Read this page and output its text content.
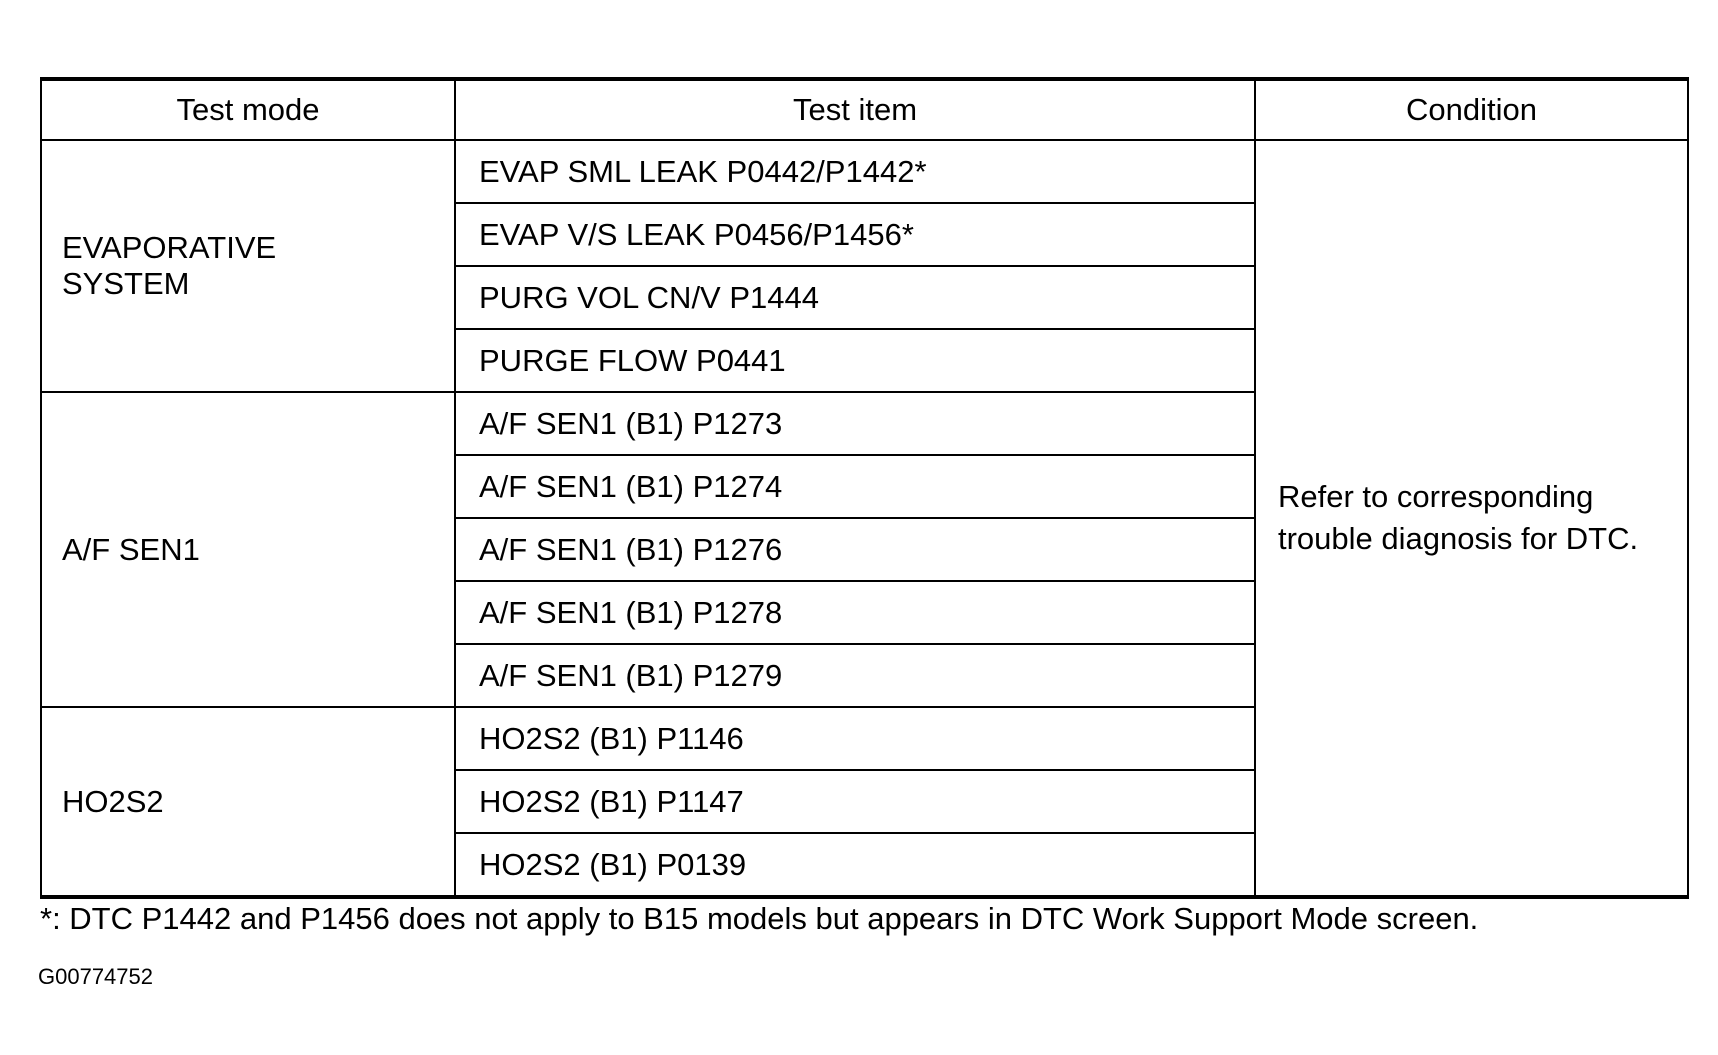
Test mode	Test item	Condition

EVAPORATIVE
SYSTEM	EVAP SML LEAK P0442/P1442*	Refer to corresponding trouble diagnosis for DTC.
	EVAP V/S LEAK P0456/P1456*	
	PURG VOL CN/V P1444	
	PURGE FLOW P0441	

A/F SEN1	A/F SEN1 (B1) P1273	
	A/F SEN1 (B1) P1274	
	A/F SEN1 (B1) P1276	
	A/F SEN1 (B1) P1278	
	A/F SEN1 (B1) P1279	

HO2S2	HO2S2 (B1) P1146	
	HO2S2 (B1) P1147	
	HO2S2 (B1) P0139	
*: DTC P1442 and P1456 does not apply to B15 models but appears in DTC Work Support Mode screen.
G00774752
